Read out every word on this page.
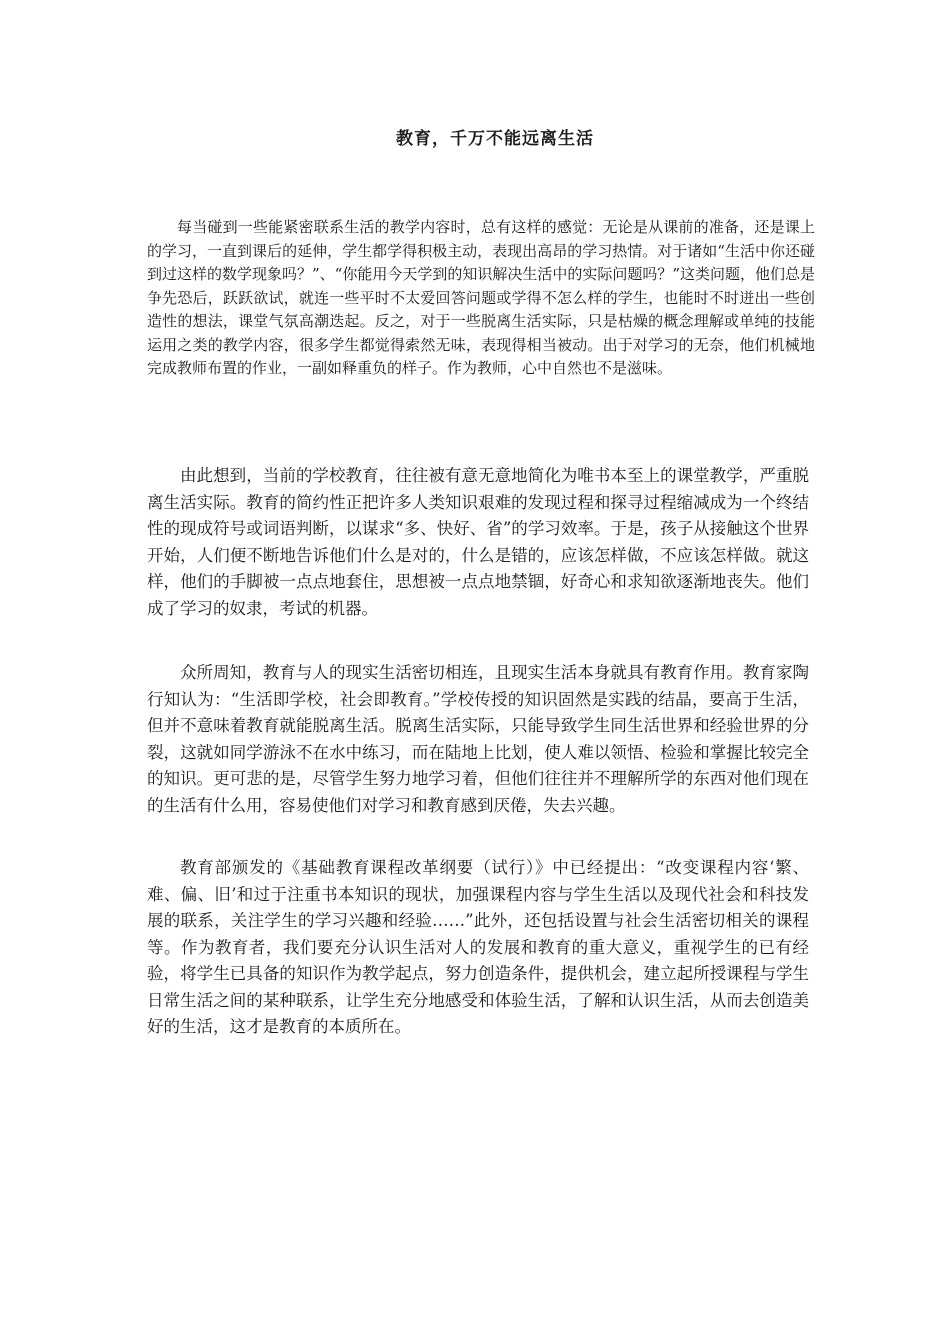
教育，千万不能远离生活

每当碰到一些能紧密联系生活的教学内容时，总有这样的感觉：无论是从课前的准备，还是课上的学习，一直到课后的延伸，学生都学得积极主动，表现出高昂的学习热情。对于诸如“生活中你还碰到过这样的数学现象吗？”、“你能用今天学到的知识解决生活中的实际问题吗？”这类问题，他们总是争先恐后，跃跃欲试，就连一些平时不太爱回答问题或学得不怎么样的学生，也能时不时迸出一些创造性的想法，课堂气氛高潮迭起。反之，对于一些脱离生活实际，只是枯燥的概念理解或单纯的技能运用之类的教学内容，很多学生都觉得索然无味，表现得相当被动。出于对学习的无奈，他们机械地完成教师布置的作业，一副如释重负的样子。作为教师，心中自然也不是滋味。

由此想到，当前的学校教育，往往被有意无意地简化为唯书本至上的课堂教学，严重脱离生活实际。教育的简约性正把许多人类知识艰难的发现过程和探寻过程缩减成为一个终结性的现成符号或词语判断，以谋求“多、快好、省”的学习效率。于是，孩子从接触这个世界开始，人们便不断地告诉他们什么是对的，什么是错的，应该怎样做，不应该怎样做。就这样，他们的手脚被一点点地套住，思想被一点点地禁锢，好奇心和求知欲逐渐地丧失。他们成了学习的奴隶，考试的机器。

众所周知，教育与人的现实生活密切相连，且现实生活本身就具有教育作用。教育家陶行知认为：“生活即学校，社会即教育。”学校传授的知识固然是实践的结晶，要高于生活，但并不意味着教育就能脱离生活。脱离生活实际，只能导致学生同生活世界和经验世界的分裂，这就如同学游泳不在水中练习，而在陆地上比划，使人难以领悟、检验和掌握比较完全的知识。更可悲的是，尽管学生努力地学习着，但他们往往并不理解所学的东西对他们现在的生活有什么用，容易使他们对学习和教育感到厌倦，失去兴趣。

教育部颁发的《基础教育课程改革纲要（试行）》中已经提出：“改变课程内容‘繁、难、偏、旧’和过于注重书本知识的现状，加强课程内容与学生生活以及现代社会和科技发展的联系，关注学生的学习兴趣和经验……”此外，还包括设置与社会生活密切相关的课程等。作为教育者，我们要充分认识生活对人的发展和教育的重大意义，重视学生的已有经验，将学生已具备的知识作为教学起点，努力创造条件，提供机会，建立起所授课程与学生日常生活之间的某种联系，让学生充分地感受和体验生活，了解和认识生活，从而去创造美好的生活，这才是教育的本质所在。
